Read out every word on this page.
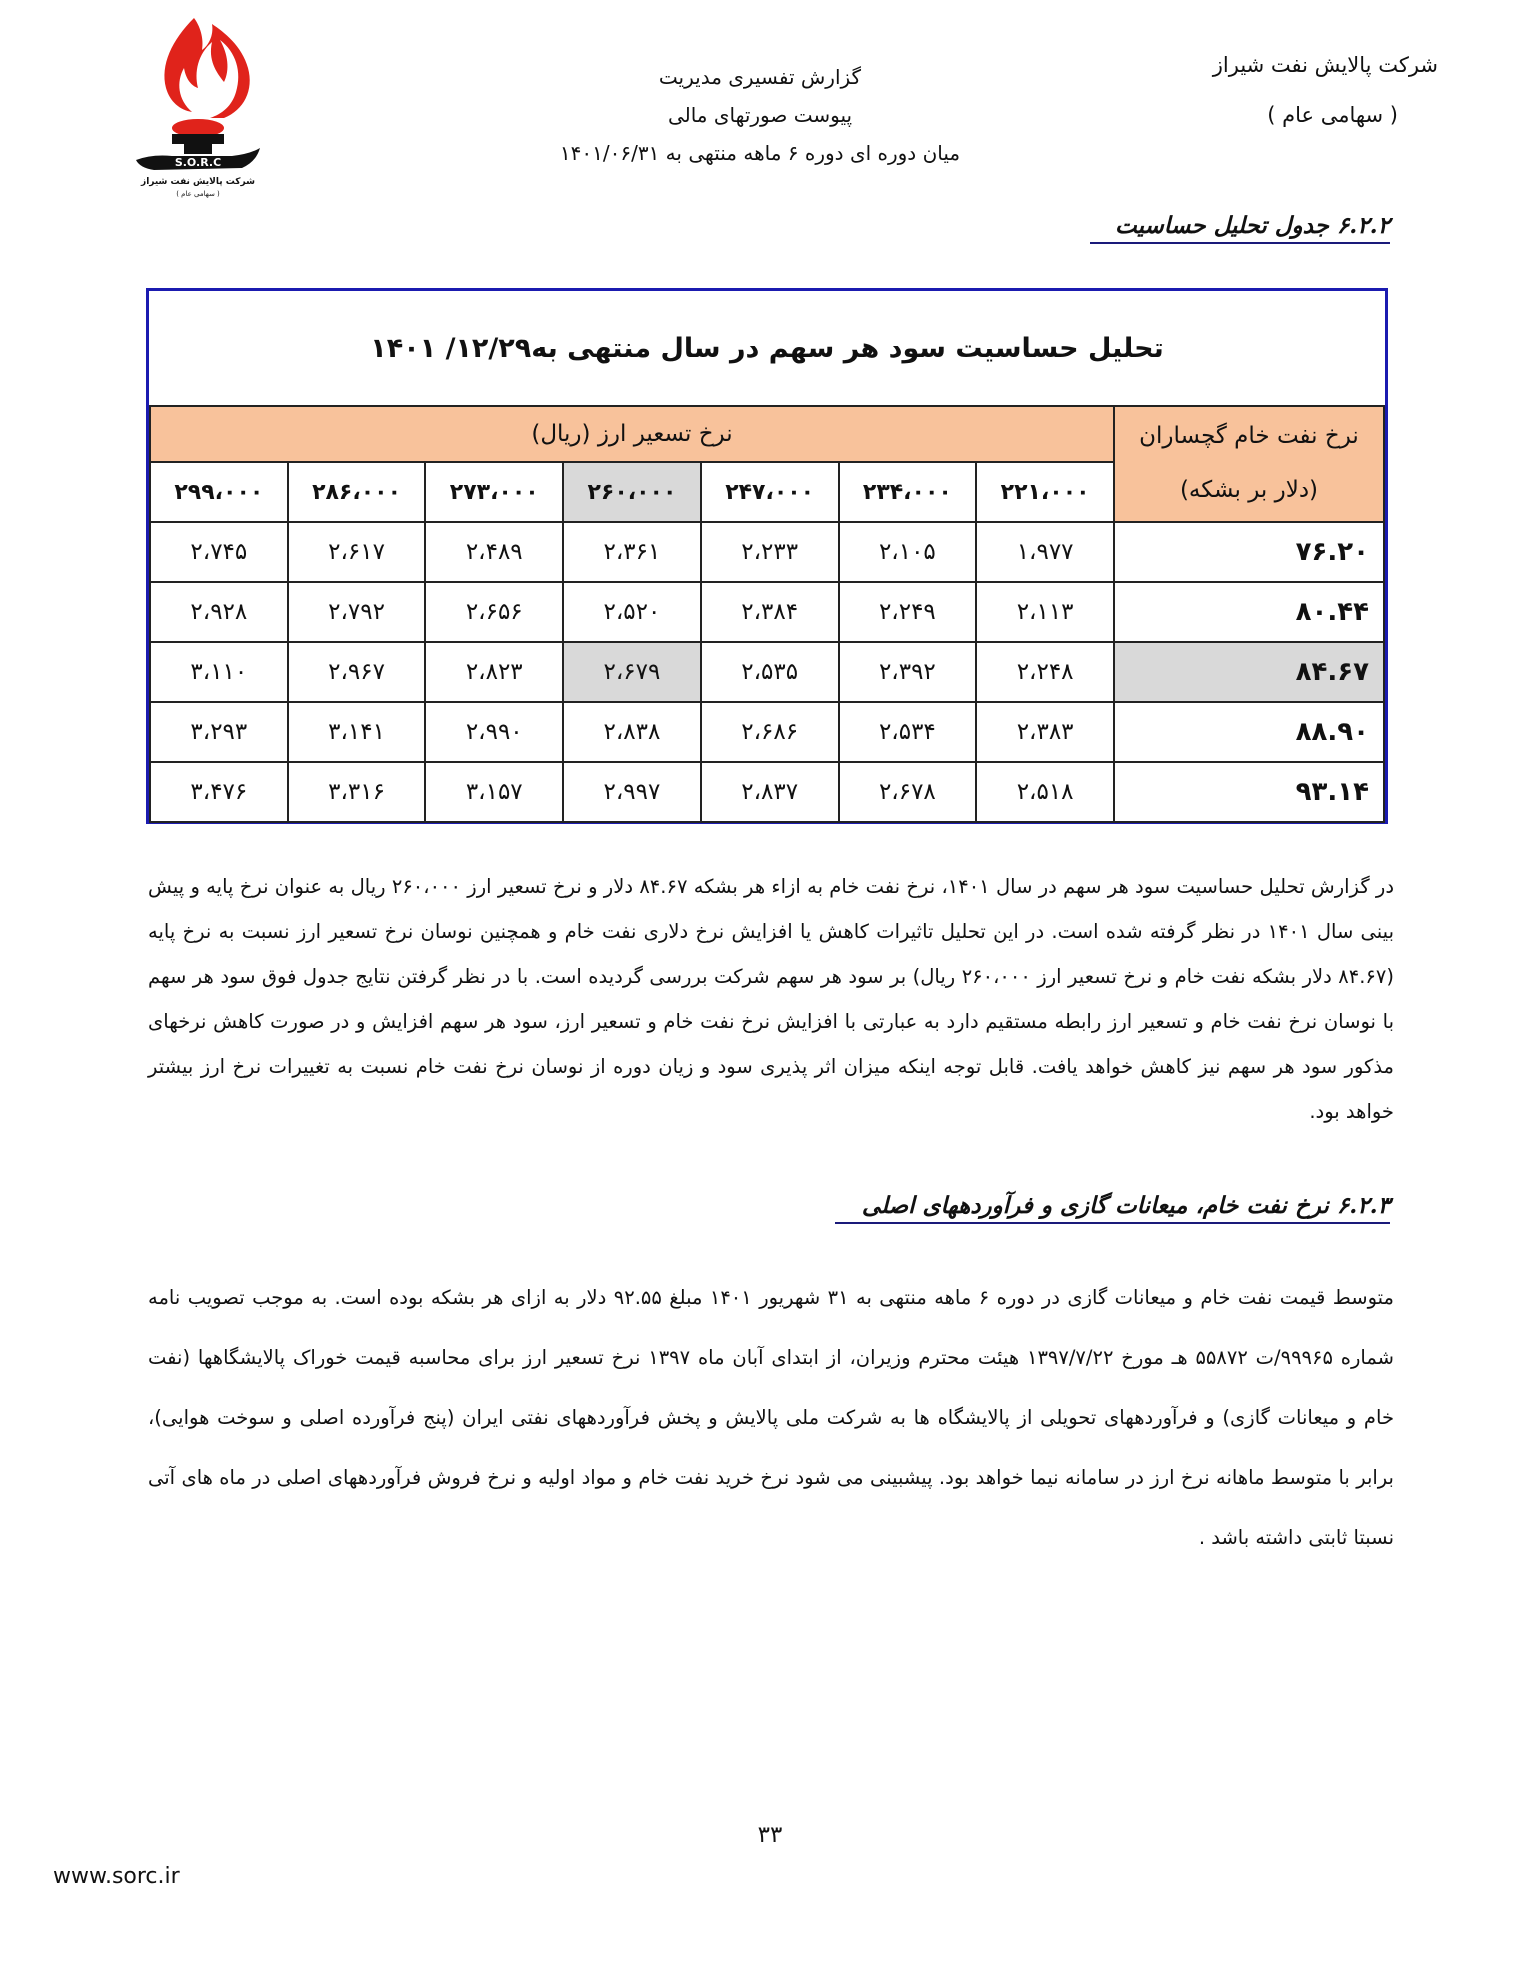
شرکت پالایش نفت شیراز
( سهامی عام )
گزارش تفسیری مدیریت
پیوست صورتهای مالی
میان دوره ای دوره ۶ ماهه منتهی به ۱۴۰۱/۰۶/۳۱
S.O.R.C
شرکت پالایش نفت شیراز
( سهامی عام )
۶.۲.۲ جدول تحلیل حساسیت
تحلیل حساسیت سود هر سهم در سال منتهی به۱۲/۲۹/ ۱۴۰۱
نرخ تسعیر ارز (ریال)							نرخ نفت خام گچساران
(دلار بر بشکه)

۲۹۹،۰۰۰	۲۸۶،۰۰۰	۲۷۳،۰۰۰	۲۶۰،۰۰۰	۲۴۷،۰۰۰	۲۳۴،۰۰۰	۲۲۱،۰۰۰	
۲،۷۴۵	۲،۶۱۷	۲،۴۸۹	۲،۳۶۱	۲،۲۳۳	۲،۱۰۵	۱،۹۷۷	۷۶.۲۰
۲،۹۲۸	۲،۷۹۲	۲،۶۵۶	۲،۵۲۰	۲،۳۸۴	۲،۲۴۹	۲،۱۱۳	۸۰.۴۴
۳،۱۱۰	۲،۹۶۷	۲،۸۲۳	۲،۶۷۹	۲،۵۳۵	۲،۳۹۲	۲،۲۴۸	۸۴.۶۷
۳،۲۹۳	۳،۱۴۱	۲،۹۹۰	۲،۸۳۸	۲،۶۸۶	۲،۵۳۴	۲،۳۸۳	۸۸.۹۰
۳،۴۷۶	۳،۳۱۶	۳،۱۵۷	۲،۹۹۷	۲،۸۳۷	۲،۶۷۸	۲،۵۱۸	۹۳.۱۴
در گزارش تحلیل حساسیت سود هر سهم در سال ۱۴۰۱، نرخ نفت خام به ازاء هر بشکه ۸۴.۶۷ دلار و نرخ تسعیر ارز ۲۶۰،۰۰۰ ریال به عنوان نرخ پایه و پیش بینی سال ۱۴۰۱ در نظر گرفته شده است. در این تحلیل تاثیرات کاهش یا افزایش نرخ دلاری نفت خام و همچنین نوسان نرخ تسعیر ارز نسبت به نرخ پایه (۸۴.۶۷ دلار بشکه نفت خام و نرخ تسعیر ارز ۲۶۰،۰۰۰ ریال) بر سود هر سهم شرکت بررسی گردیده است. با در نظر گرفتن نتایج جدول فوق سود هر سهم با نوسان نرخ نفت خام و تسعیر ارز رابطه مستقیم دارد به عبارتی با افزایش نرخ نفت خام و تسعیر ارز، سود هر سهم افزایش و در صورت کاهش نرخهای مذکور سود هر سهم نیز کاهش خواهد یافت. قابل توجه اینکه میزان اثر پذیری سود و زیان دوره از نوسان نرخ نفت خام نسبت به تغییرات نرخ ارز بیشتر خواهد بود.
۶.۲.۳ نرخ نفت خام، میعانات گازی و فرآوردههای اصلی
متوسط قیمت نفت خام و میعانات گازی در دوره ۶ ماهه منتهی به ۳۱ شهریور ۱۴۰۱ مبلغ ۹۲.۵۵ دلار به ازای هر بشکه بوده است. به موجب تصویب نامه شماره ۹۹۹۶۵/ت ۵۵۸۷۲ هـ مورخ ۱۳۹۷/۷/۲۲ هیئت محترم وزیران، از ابتدای آبان ماه ۱۳۹۷ نرخ تسعیر ارز برای محاسبه قیمت خوراک پالایشگاهها (نفت خام و میعانات گازی) و فرآوردههای تحویلی از پالایشگاه ها به شرکت ملی پالایش و پخش فرآوردههای نفتی ایران (پنج فرآورده اصلی و سوخت هوایی)، برابر با متوسط ماهانه نرخ ارز در سامانه نیما خواهد بود. پیشبینی می شود نرخ خرید نفت خام و مواد اولیه و نرخ فروش فرآوردههای اصلی در ماه های آتی نسبتا ثابتی داشته باشد .
۳۳
www.sorc.ir
